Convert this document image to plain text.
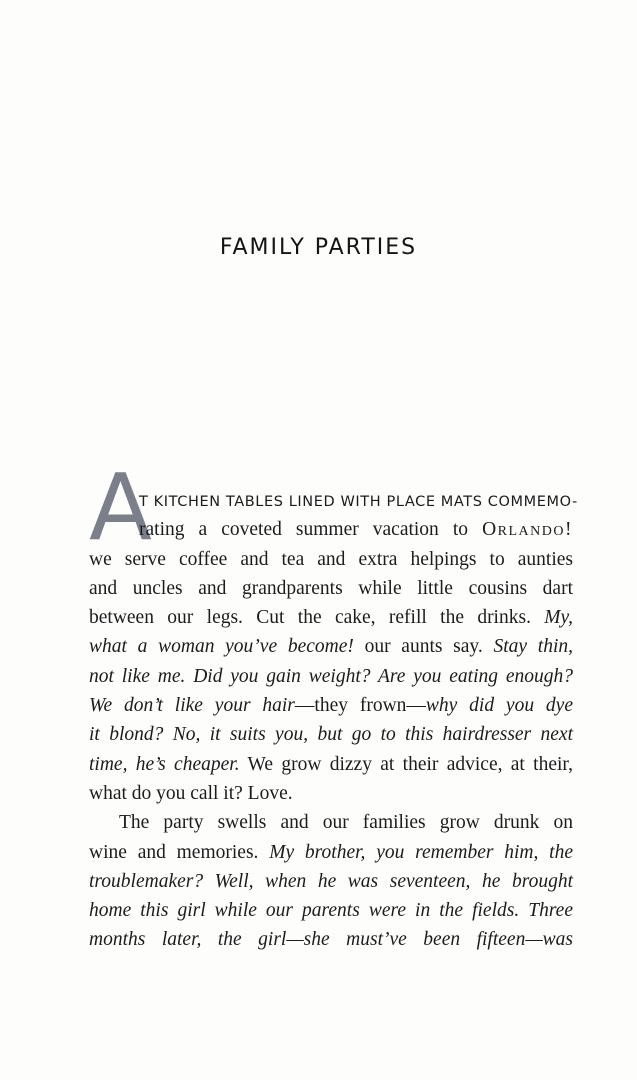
FAMILY PARTIES
A
T KITCHEN TABLES LINED WITH PLACE MATS COMMEMO-
rating a coveted summer vacation to Orlando!
we serve coffee and tea and extra helpings to aunties
and uncles and grandparents while little cousins dart
between our legs. Cut the cake, refill the drinks. My,
what a woman you’ve become! our aunts say. Stay thin,
not like me. Did you gain weight? Are you eating enough?
We don’t like your hair—they frown—why did you dye
it blond? No, it suits you, but go to this hairdresser next
time, he’s cheaper. We grow dizzy at their advice, at their,
what do you call it? Love.
The party swells and our families grow drunk on
wine and memories. My brother, you remember him, the
troublemaker? Well, when he was seventeen, he brought
home this girl while our parents were in the fields. Three
months later, the girl—she must’ve been fifteen—was
